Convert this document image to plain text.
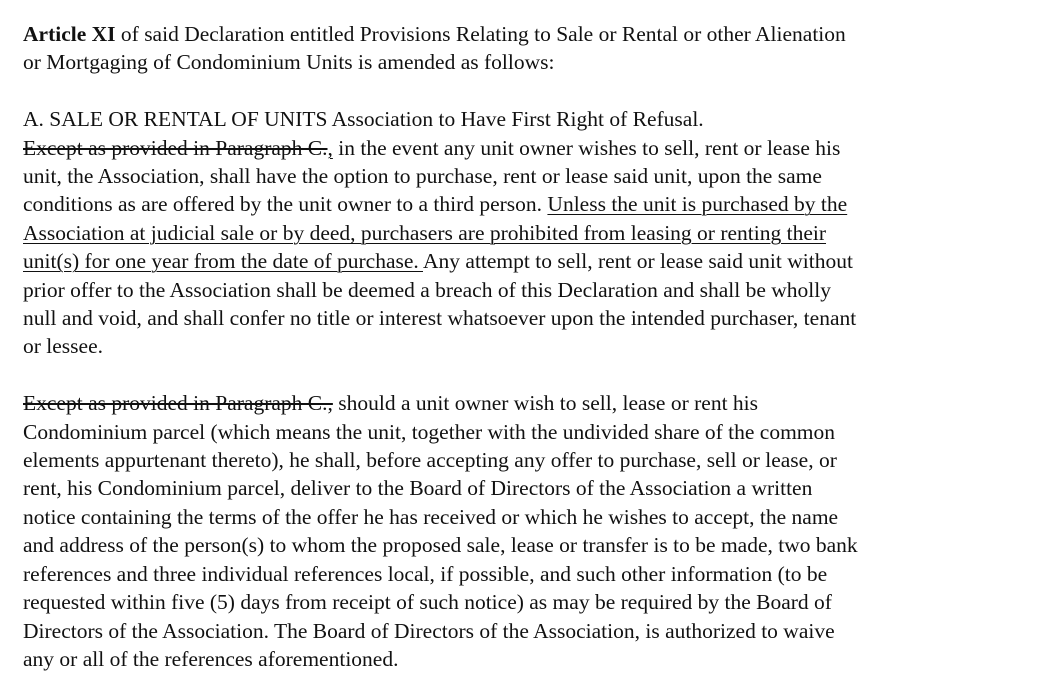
Article XI of said Declaration entitled Provisions Relating to Sale or Rental or other Alienation
or Mortgaging of Condominium Units is amended as follows:
A. SALE OR RENTAL OF UNITS Association to Have First Right of Refusal.
Except as provided in Paragraph C., in the event any unit owner wishes to sell, rent or lease his
unit, the Association, shall have the option to purchase, rent or lease said unit, upon the same
conditions as are offered by the unit owner to a third person. Unless the unit is purchased by the
Association at judicial sale or by deed, purchasers are prohibited from leasing or renting their
unit(s) for one year from the date of purchase. Any attempt to sell, rent or lease said unit without
prior offer to the Association shall be deemed a breach of this Declaration and shall be wholly
null and void, and shall confer no title or interest whatsoever upon the intended purchaser, tenant
or lessee.
Except as provided in Paragraph C., should a unit owner wish to sell, lease or rent his
Condominium parcel (which means the unit, together with the undivided share of the common
elements appurtenant thereto), he shall, before accepting any offer to purchase, sell or lease, or
rent, his Condominium parcel, deliver to the Board of Directors of the Association a written
notice containing the terms of the offer he has received or which he wishes to accept, the name
and address of the person(s) to whom the proposed sale, lease or transfer is to be made, two bank
references and three individual references local, if possible, and such other information (to be
requested within five (5) days from receipt of such notice) as may be required by the Board of
Directors of the Association. The Board of Directors of the Association, is authorized to waive
any or all of the references aforementioned.
